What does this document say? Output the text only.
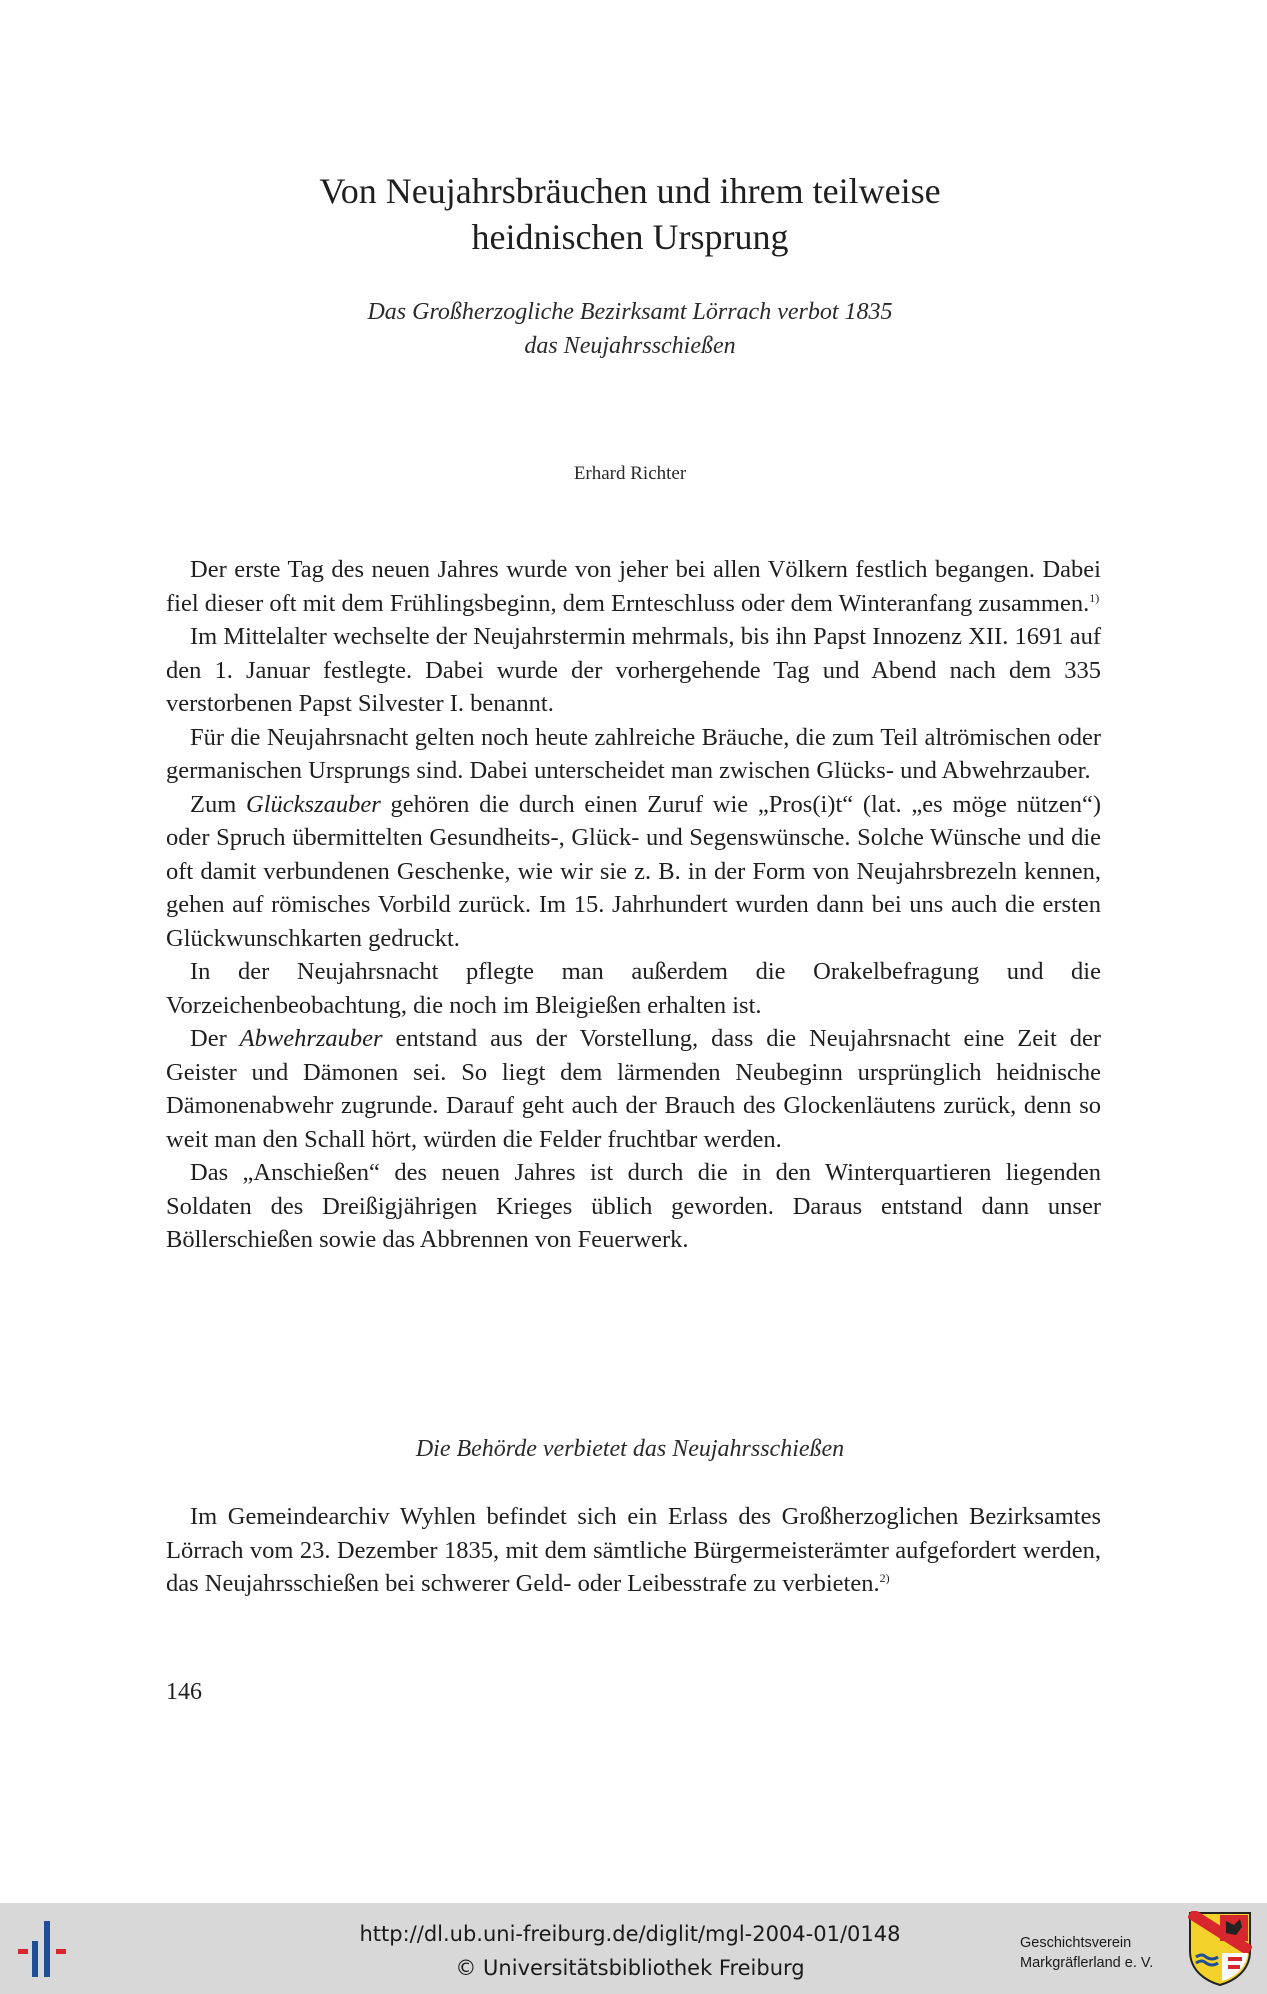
Von Neujahrsbräuchen und ihrem teilweise
heidnischen Ursprung
Das Großherzogliche Bezirksamt Lörrach verbot 1835
das Neujahrsschießen
Erhard Richter

Der erste Tag des neuen Jahres wurde von jeher bei allen Völkern festlich begangen. Dabei fiel dieser oft mit dem Frühlingsbeginn, dem Ernteschluss oder dem Winteranfang zusammen.$^{1)}$

Im Mittelalter wechselte der Neujahrstermin mehrmals, bis ihn Papst Innozenz XII. 1691 auf den 1. Januar festlegte. Dabei wurde der vorhergehende Tag und Abend nach dem 335 verstorbenen Papst Silvester I. benannt.

Für die Neujahrsnacht gelten noch heute zahlreiche Bräuche, die zum Teil altrömischen oder germanischen Ursprungs sind. Dabei unterscheidet man zwischen Glücks- und Abwehrzauber.

Zum Glückszauber gehören die durch einen Zuruf wie „Pros(i)t“ (lat. „es möge nützen“) oder Spruch übermittelten Gesundheits-, Glück- und Segenswünsche. Solche Wünsche und die oft damit verbundenen Geschenke, wie wir sie z. B. in der Form von Neujahrsbrezeln kennen, gehen auf römisches Vorbild zurück. Im 15. Jahrhundert wurden dann bei uns auch die ersten Glückwunschkarten gedruckt.

In der Neujahrsnacht pflegte man außerdem die Orakelbefragung und die Vorzeichenbeobachtung, die noch im Bleigießen erhalten ist.

Der Abwehrzauber entstand aus der Vorstellung, dass die Neujahrsnacht eine Zeit der Geister und Dämonen sei. So liegt dem lärmenden Neubeginn ursprünglich heidnische Dämonenabwehr zugrunde. Darauf geht auch der Brauch des Glockenläutens zurück, denn so weit man den Schall hört, würden die Felder fruchtbar werden.

Das „Anschießen“ des neuen Jahres ist durch die in den Winterquartieren liegenden Soldaten des Dreißigjährigen Krieges üblich geworden. Daraus entstand dann unser Böllerschießen sowie das Abbrennen von Feuerwerk.

Die Behörde verbietet das Neujahrsschießen

Im Gemeindearchiv Wyhlen befindet sich ein Erlass des Großherzoglichen Bezirksamtes Lörrach vom 23. Dezember 1835, mit dem sämtliche Bürgermeisterämter aufgefordert werden, das Neujahrsschießen bei schwerer Geld- oder Leibesstrafe zu verbieten.$^{2)}$

146
http://dl.ub.uni-freiburg.de/diglit/mgl-2004-01/0148
© Universitätsbibliothek Freiburg
Geschichtsverein
Markgräflerland e. V.
